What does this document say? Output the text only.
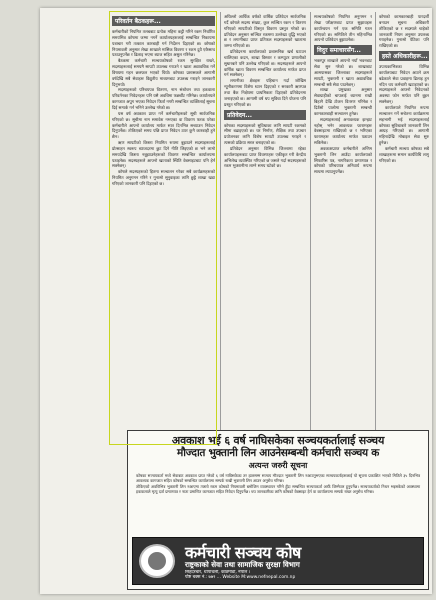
परिवर्तन बैठकहरू...

कर्मचारीको नियमित तलबबाट प्रत्येक महिना कट्टी गरिने रकम निर्धारित समयभित्र कोषमा जम्मा नगर्ने कार्यालयहरूलाई सम्बन्धित निकायमा पत्राचार गरी तत्काल कारबाही गर्न निर्देशन दिइएको छ। कोषको नियमावली अनुसार लेखा शाखाले मासिक विवरण र रकम दुवै एकैसाथ पठाउनुपर्नेछ र ढिलाइ भएमा ब्याज सहित असुल गरिनेछ।

बैठकमा कर्मचारी सञ्चयकोषको रकम सुरक्षित राख्ने, सदस्यहरूलाई समयमै सापटी उपलब्ध गराउने र खाता अद्यावधिक गर्ने विषयमा गहन छलफल भएको थियो। कोषका प्रशासकले आगामी वर्षदेखि सबै सेवाहरू विद्युतीय माध्यमबाट उपलब्ध गराइने जानकारी दिनुभयो।

सदस्यहरूको परिचयपत्र वितरण, नाम संशोधन तथा हकवाला परिवर्तनका निवेदनहरू पनि यसै अवधिमा फर्छ्यौट गरिनेछ। कार्यालयले कागजात अपुग भएका निवेदन फिर्ता नगरी सम्बन्धित व्यक्तिलाई सूचना दिई सम्पर्क गर्न भनिने उल्लेख गरेको छ।

यस वर्ष अवकाश प्राप्त गर्ने कर्मचारीहरूको सूची सार्वजनिक गरिएको छ। सूचीमा नाम समावेश नभएका वा विवरण फरक परेका कर्मचारीले आफ्नो कार्यालय मार्फत सात दिनभित्र सच्याउन निवेदन दिनुपर्नेछ। तोकिएको समय पछि प्राप्त निवेदन उपर कुनै कारबाही हुने छैन।

ऋण सापटीको किस्ता नियमित रूपमा बुझाउने सदस्यहरूलाई प्रोत्साहन स्वरूप ब्याजदरमा छुट दिने नीति लिइएको छ भने लामो समयदेखि किस्ता नबुझाउनेहरूको विवरण सम्बन्धित कार्यालयमा पठाइनेछ। सदस्यहरूले आफ्नो खाताको स्थिति वेबसाइटबाट पनि हेर्न सक्नेछन्।

कोषले सदस्यहरूको हितमा सञ्चालन गरेका सबै कार्यक्रमहरूको नियमित अनुगमन गरिने र गुनासो सुनुवाइका लागि छुट्टै शाखा खडा गरिएको जानकारी पनि दिइएको छ।

अघिल्लो आर्थिक वर्षको वार्षिक प्रतिवेदन सार्वजनिक गर्दै कोषले सदस्य संख्या, कुल सञ्चित रकम र वितरण गरिएको सापटीको विस्तृत विवरण प्रस्तुत गरेको छ। प्रतिवेदन अनुसार सञ्चित रकममा उल्लेख्य वृद्धि भएको छ र लगानीबाट प्राप्त प्रतिफल सदस्यहरूको खातामा जम्मा गरिएको छ।

प्रतिवेदनमा कार्यालयको प्रशासनिक खर्च घटाउन चालिएका कदम, शाखा विस्तार र कम्प्युटर प्रणालीको सुधारबारे पनि उल्लेख गरिएको छ। सदस्यहरूले आफ्नो वार्षिक खाता विवरण सम्बन्धित कार्यालय मार्फत प्राप्त गर्न सक्नेछन्।

लगानीका क्षेत्रहरू पहिचान गर्दा जोखिम न्यूनीकरणमा विशेष ध्यान दिइएको र सरकारी ऋणपत्र तथा बैंक निक्षेपमा प्राथमिकता दिइएको प्रतिवेदनमा जनाइएको छ। आगामी वर्ष थप सुविधा दिने योजना पनि प्रस्तुत गरिएको छ।

प्रतिवेदन...

कोषका सदस्यहरूको सुविधाका लागि सापटी रकमको सीमा बढाइएको छ। घर निर्माण, शैक्षिक तथा उपचार प्रयोजनका लागि विशेष सापटी उपलब्ध गराइने र त्यसको प्रक्रिया सरल बनाइएको छ।

प्रतिवेदन अनुसार विभिन्न जिल्लामा रहेका कार्यालयहरूबाट प्राप्त विवरणहरू एकीकृत गरी केन्द्रीय अभिलेख व्यवस्थित गरिएको छ जसले गर्दा सदस्यहरूको रकम भुक्तानीमा लाग्ने समय घटेको छ।

सञ्चयकोषको नियमित अनुगमन र लेखा परीक्षणबाट प्राप्त सुझावहरू कार्यान्वयन गर्न एक समिति गठन गरिएको छ। समितिले तीन महिनाभित्र आफ्नो प्रतिवेदन बुझाउनेछ।

विदुर समाचारसँग...

भक्तपुर शाखाले आफ्नो नयाँ भवनबाट सेवा सुरु गरेको छ। शाखाबाट आसपासका जिल्लाका सदस्यहरूले सापटी, भुक्तानी र खाता अद्यावधिक सम्बन्धी सबै सेवा पाउनेछन्।

शाखा प्रमुखका अनुसार सेवाग्राहीको चापलाई ध्यानमा राखी बिहानै देखि टोकन वितरण गरिनेछ र दिउँसो पालोमा भुक्तानी सम्बन्धी कामकारबाही सञ्चालन हुनेछ।

सदस्यहरूलाई अनावश्यक झन्झट नहोस् भनेर आवश्यक फारामहरू वेबसाइटमा राखिएको छ र भरिएका फारामहरू कार्यालय मार्फत पठाउन सकिनेछ।

अवकाशप्राप्त कर्मचारीले अन्तिम भुक्तानी लिन आउँदा कार्यालयको सिफारिस पत्र, नागरिकता प्रमाणपत्र र कोषको परिचयपत्र अनिवार्य रूपमा साथमा ल्याउनुपर्नेछ।

कोषको कामकारबाही पारदर्शी बनाउन सूचना अधिकारी तोकिएको छ र सदस्यले चाहेको जानकारी नियम अनुसार उपलब्ध गराइनेछ। गुनासो पेटिका पनि राखिएको छ।

हस्ते अधिकारीहरू...

उपत्यकाभित्रका विभिन्न कार्यालयबाट निवेदन आउने क्रम बढेकाले सेवा प्रवाहमा ढिलाइ हुन नदिन थप कर्मचारी खटाइएको छ। सदस्यहरूले आफ्नो निवेदनको अवस्था फोन मार्फत पनि बुझ्न सक्नेछन्।

कार्यालयले नियमित रूपमा सञ्चालन गर्ने सचेतना कार्यक्रममा सहभागी भई सदस्यहरूलाई कोषका सुविधाबारे जानकारी लिन आग्रह गरिएको छ। आगामी महिनादेखि मोबाइल सेवा सुरु हुनेछ।

कर्मचारी सञ्चय कोषका सबै शाखाहरूमा समान कार्यविधि लागू गरिएको छ।

अवकाश भई ६ वर्ष नाघिसकेका सञ्चयकर्तालाई सञ्चय
मौज्दात भुक्तानी लिन आउनेसम्बन्धी कर्मचारी सञ्चय क
अत्यन्त जरुरी सूचना

कोषका सञ्चयकर्ता मध्ये सेवाबाट अवकाश प्राप्त गरेको ६ वर्ष नाघिसकेका तर हालसम्म सञ्चय मौज्दात भुक्तानी लिन नआउनुभएका सञ्चयकर्ताहरूलाई यो सूचना प्रकाशित भएको मितिले ३५ दिनभित्र आवश्यक कागजात सहित कोषको सम्बन्धित कार्यालयमा सम्पर्क राखी भुक्तानी लिन आउन अनुरोध गरिन्छ।

तोकिएको अवधिभित्र भुक्तानी लिन नआएमा त्यस्तो रकम कोषको नियमावली बमोजिम व्यवस्थापन गरिने हुँदा सम्बन्धित सञ्चयकर्ता आफैं जिम्मेवार हुनुपर्नेछ। सञ्चयकर्ताको निधन भइसकेको अवस्थामा हकवालाले मृत्यु दर्ता प्रमाणपत्र र नाता प्रमाणित कागजात सहित निवेदन दिनुपर्नेछ। थप जानकारीका लागि कोषको वेबसाइट हेर्न वा कार्यालयमा सम्पर्क राख्न अनुरोध गरिन्छ।

कर्मचारी सञ्चय कोष
राष्ट्रकाको सेवा तथा सामाजिक सुरक्षा विभाग
सिंहदरबार, थापाथली, काठमाडौं, नेपाल ।
पोष्ट बक्स नं.: ७७२ ... Website M:www.nefnepal.com.np
